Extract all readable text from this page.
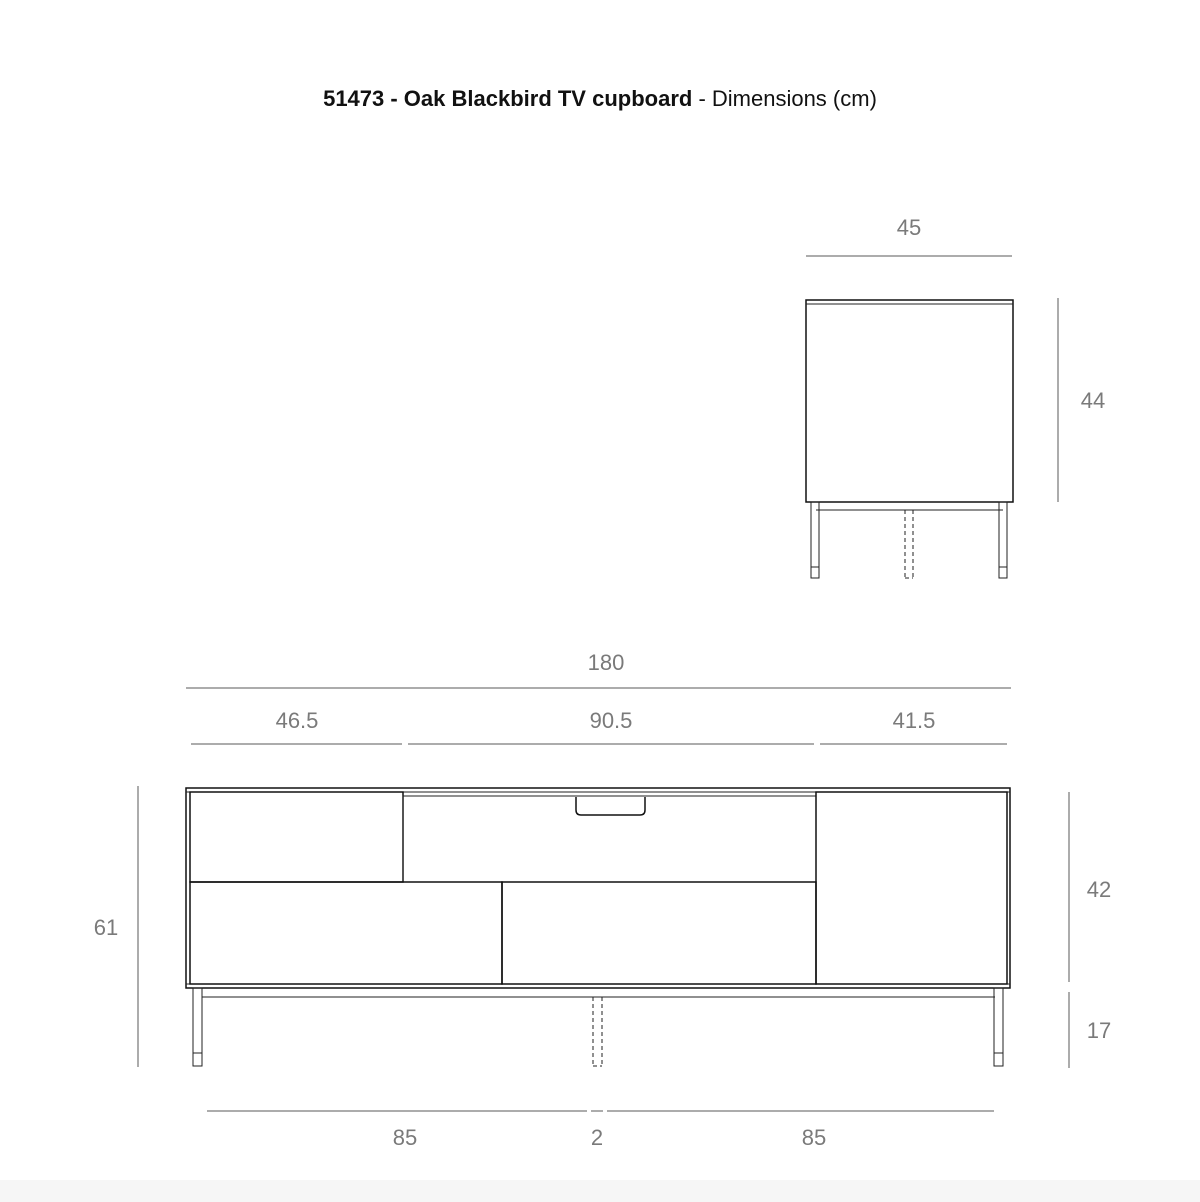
51473 - Oak Blackbird TV cupboard - Dimensions (cm)
45
44
180
46.5	90.5	41.5
61
42
17
85	2	85
